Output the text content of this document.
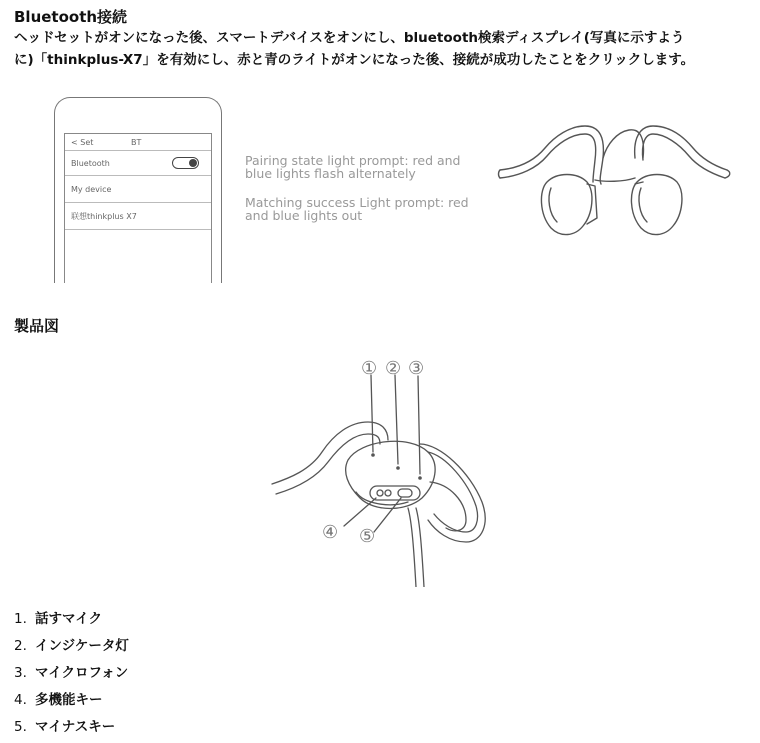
Bluetooth接続
ヘッドセットがオンになった後、スマートデバイスをオンにし、bluetooth検索ディスプレイ(写真に示すよう
に)「thinkplus-X7」を有効にし、赤と青のライトがオンになった後、接続が成功したことをクリックします。
< Set	BT
Bluetooth
My device
联想thinkplus X7
Pairing state light prompt: red and
blue lights flash alternately
Matching success Light prompt: red
and blue lights out
製品図
① ② ③
④ ⑤
1. 話すマイク
2. インジケータ灯
3. マイクロフォン
4. 多機能キー
5. マイナスキー
